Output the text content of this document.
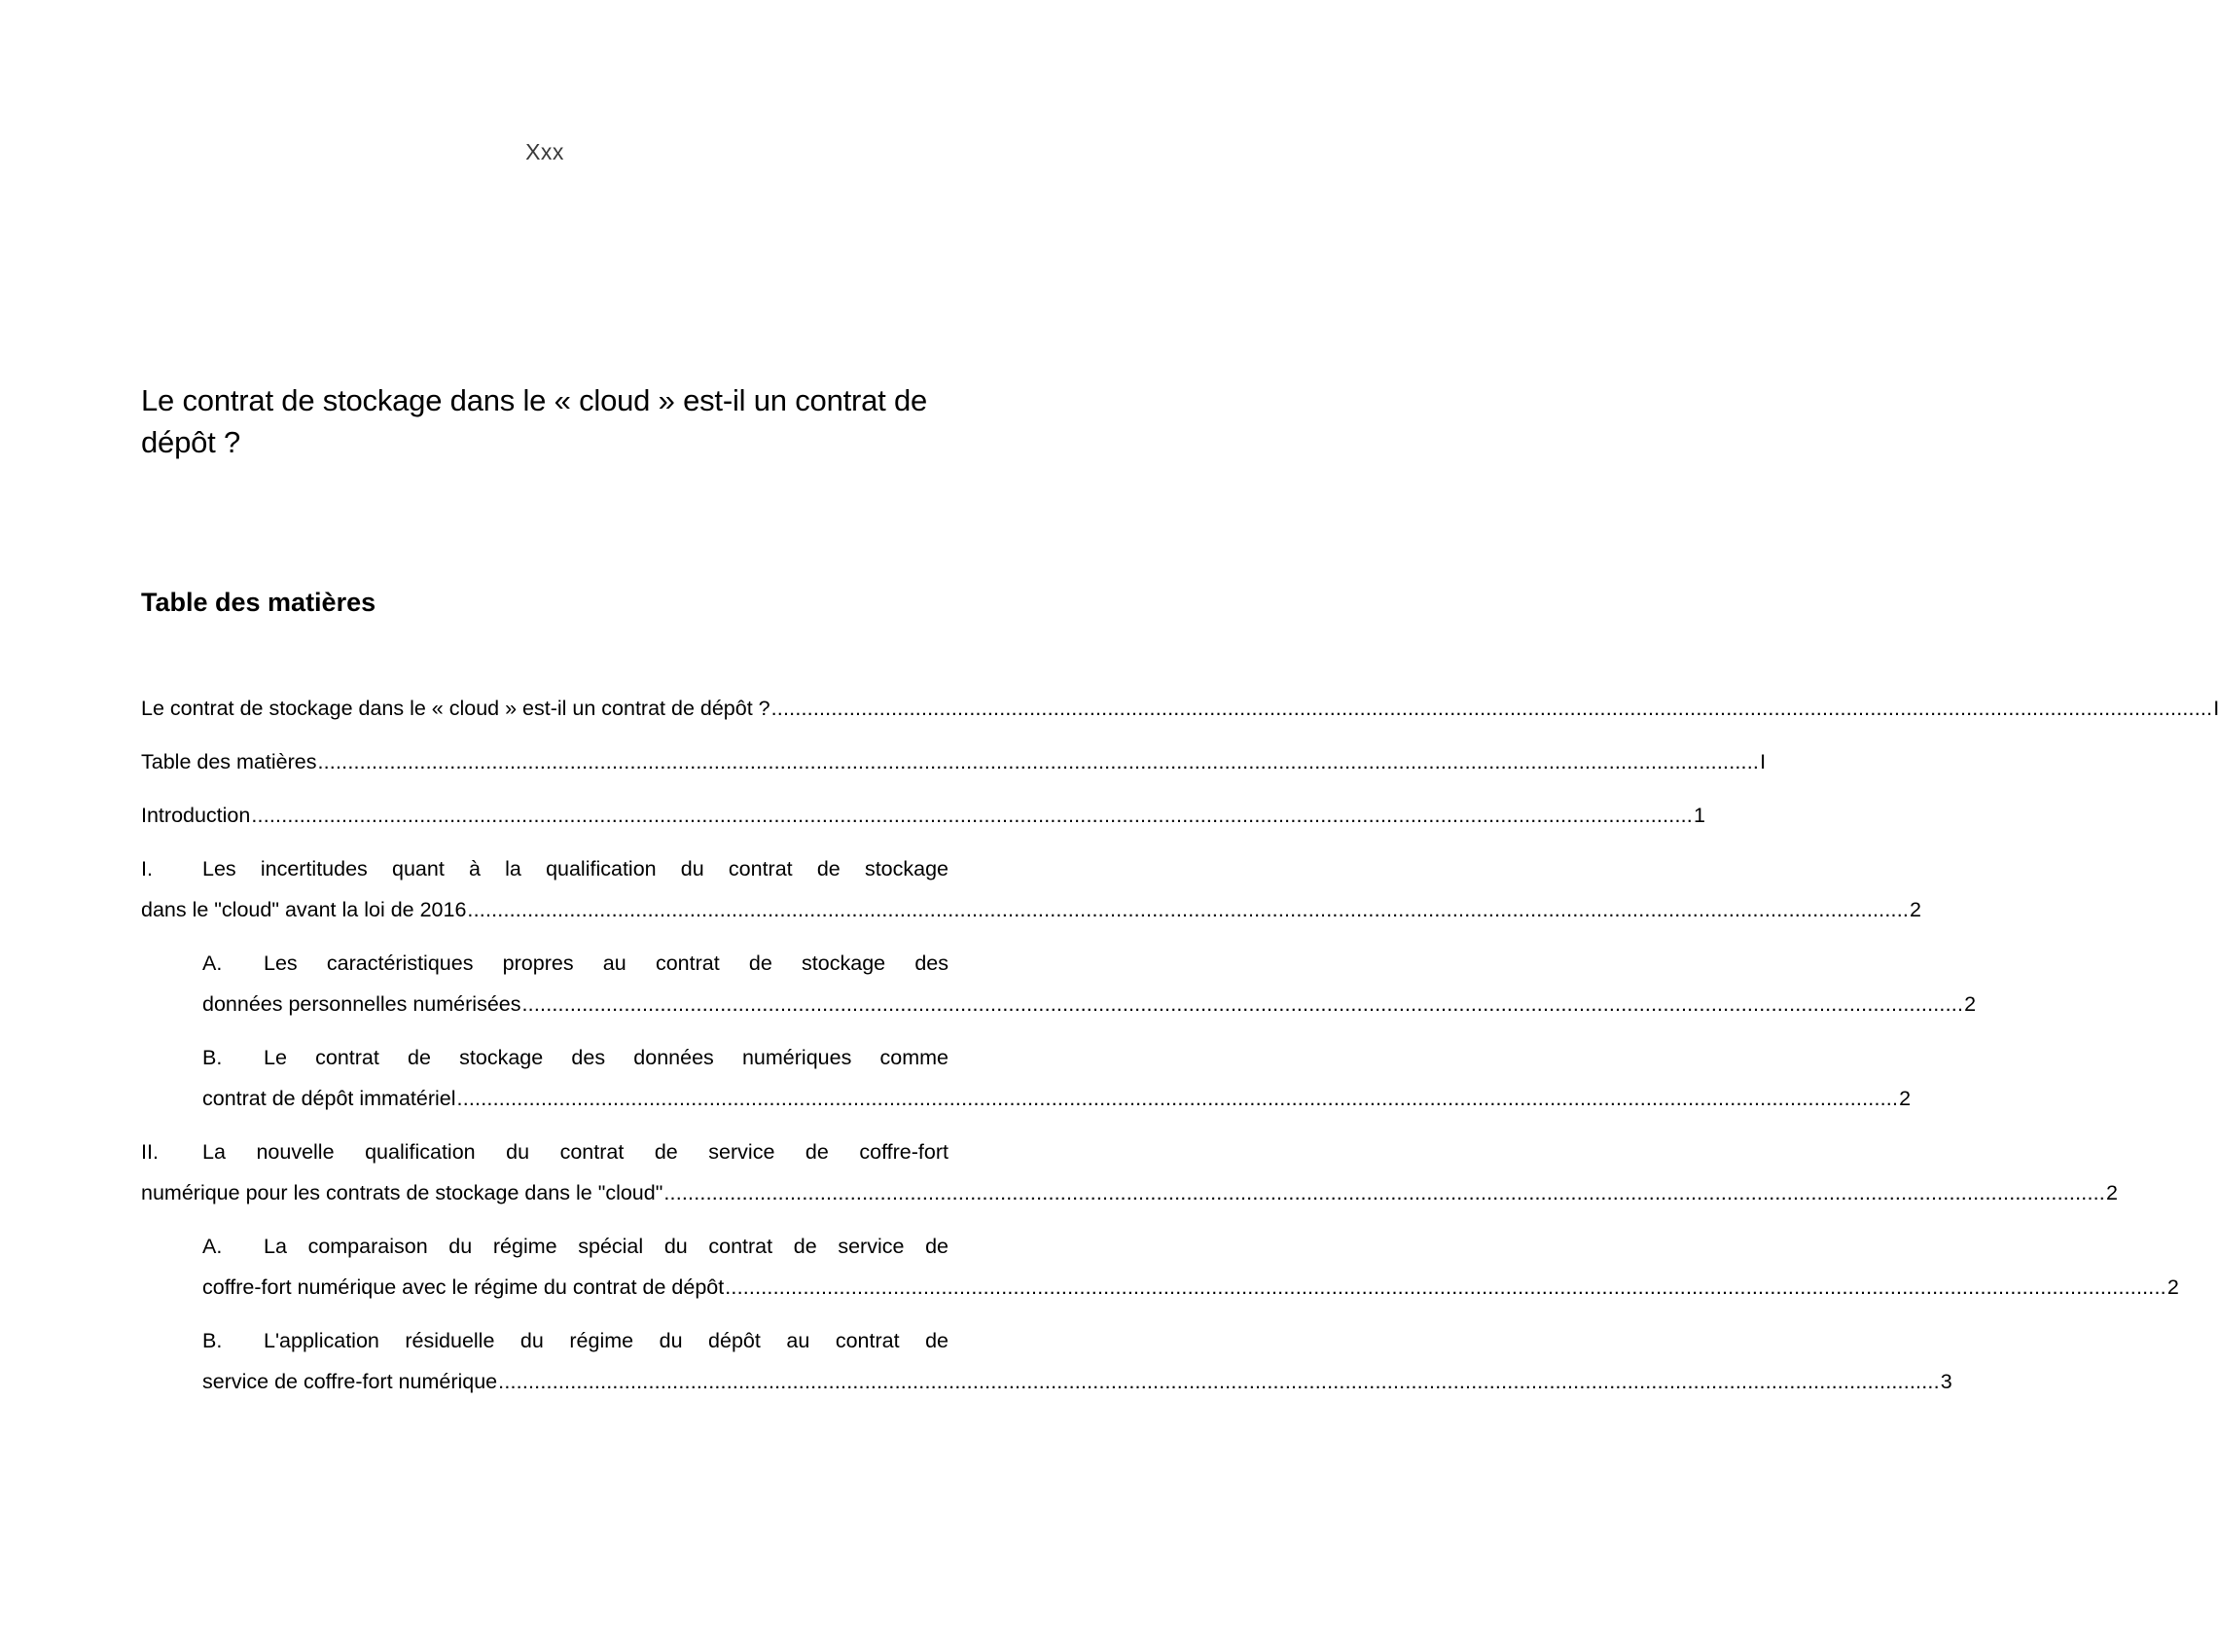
Xxx
Le contrat de stockage dans le « cloud » est-il un contrat de dépôt ?
Table des matières
Le contrat de stockage dans le « cloud » est-il un contrat de dépôt ? .....	I
Table des matières .....	I
Introduction .....	1
I.	Les incertitudes quant à la qualification du contrat de stockage
dans le "cloud" avant la loi de 2016 .....	2
A.	Les caractéristiques propres au contrat de stockage des
données personnelles numérisées .....	2
B.	Le contrat de stockage des données numériques comme
contrat de dépôt immatériel .....	2
II.	La nouvelle qualification du contrat de service de coffre-fort
numérique pour les contrats de stockage dans le "cloud" .....	2
A.	La comparaison du régime spécial du contrat de service de
coffre-fort numérique avec le régime du contrat de dépôt .....	2
B.	L'application résiduelle du régime du dépôt au contrat de
service de coffre-fort numérique .....	3
